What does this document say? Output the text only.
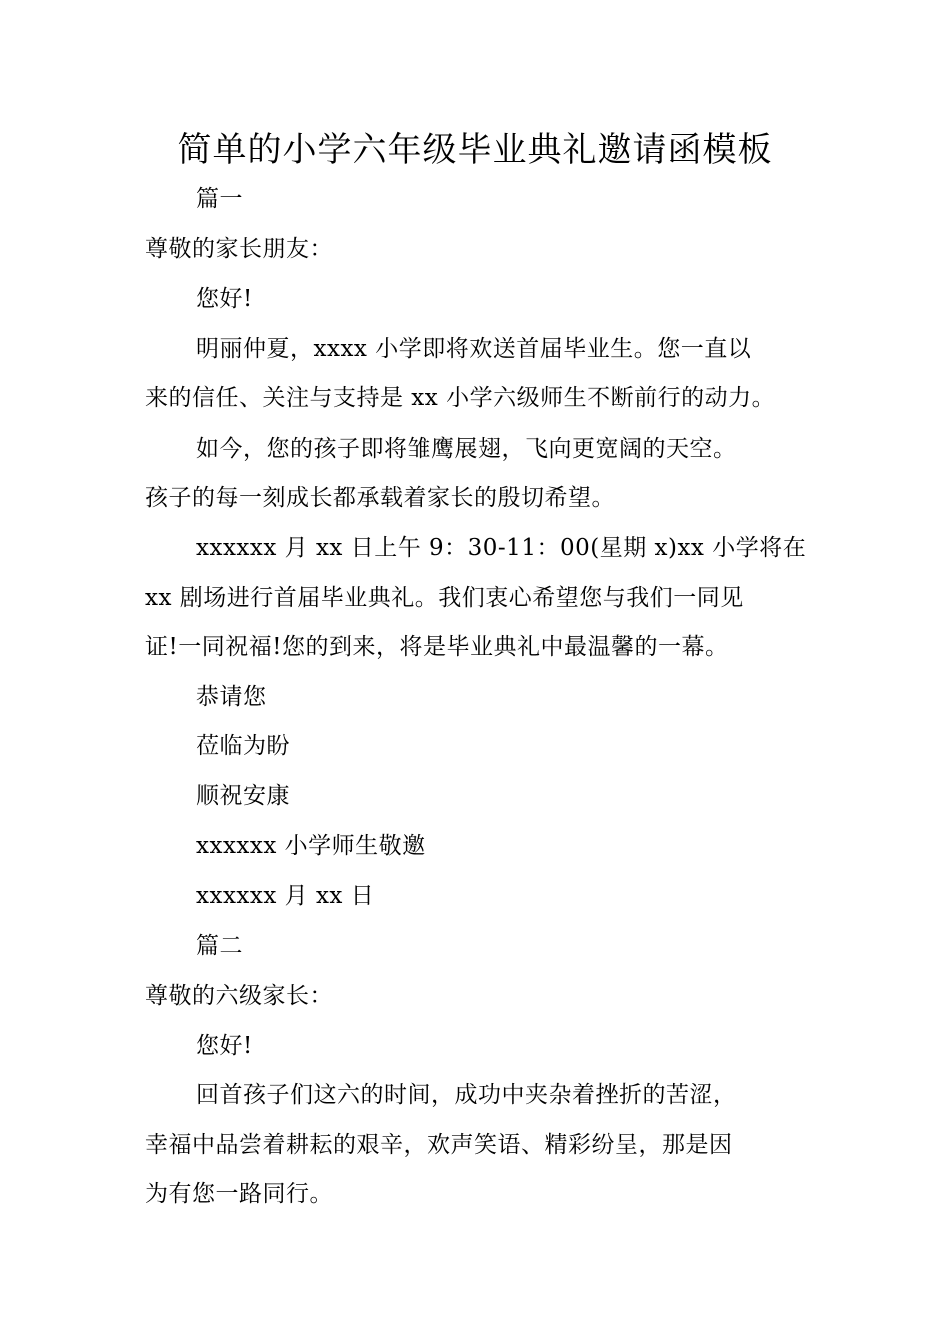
简单的小学六年级毕业典礼邀请函模板
篇一
尊敬的家长朋友：
您好!
明丽仲夏，xxxx 小学即将欢送首届毕业生。您一直以
来的信任、关注与支持是 xx 小学六级师生不断前行的动力。
如今，您的孩子即将雏鹰展翅，飞向更宽阔的天空。
孩子的每一刻成长都承载着家长的殷切希望。
xxxxxx 月 xx 日上午 9：30-11：00(星期 x)xx 小学将在
xx 剧场进行首届毕业典礼。我们衷心希望您与我们一同见
证!一同祝福!您的到来，将是毕业典礼中最温馨的一幕。
恭请您
莅临为盼
顺祝安康
xxxxxx 小学师生敬邀
xxxxxx 月 xx 日
篇二
尊敬的六级家长：
您好!
回首孩子们这六的时间，成功中夹杂着挫折的苦涩，
幸福中品尝着耕耘的艰辛，欢声笑语、精彩纷呈，那是因
为有您一路同行。
